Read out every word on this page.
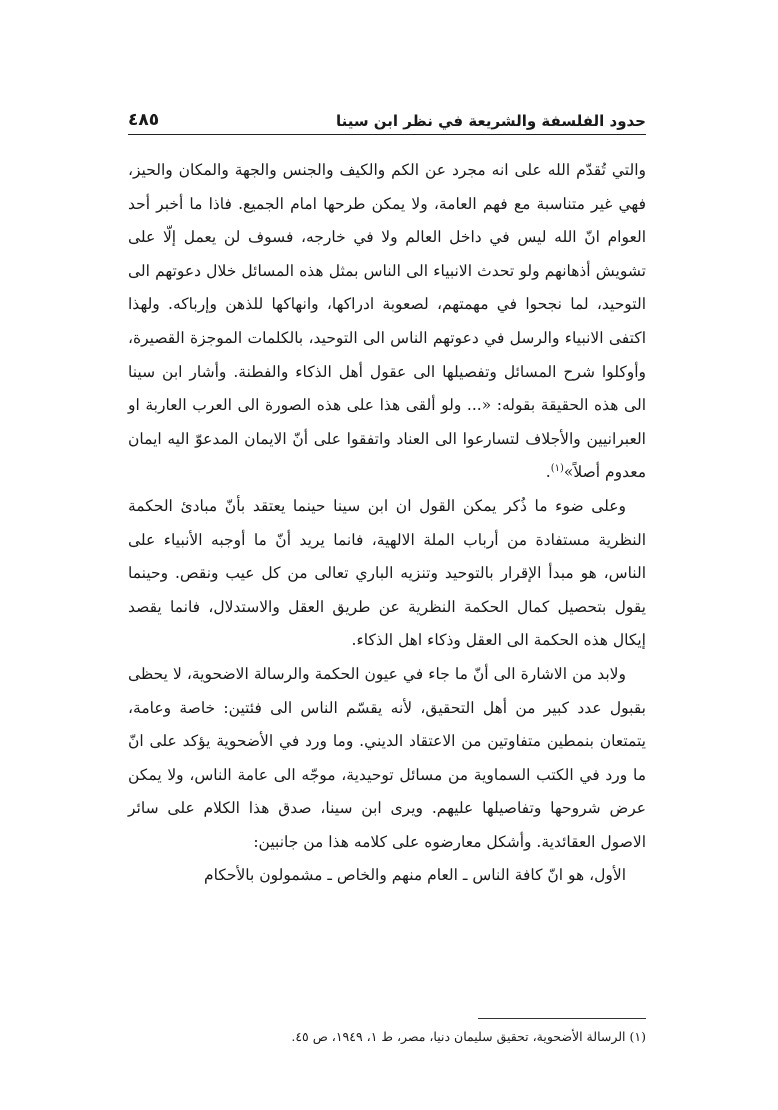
حدود الفلسفة والشريعة في نظر ابن سينا
٤٨٥

والتي تُقدّم الله على انه مجرد عن الكم والكيف والجنس والجهة والمكان والحيز، فهي غير متناسبة مع فهم العامة، ولا يمكن طرحها امام الجميع. فاذا ما أخبر أحد العوام انّ الله ليس في داخل العالم ولا في خارجه، فسوف لن يعمل إلّا على تشويش أذهانهم ولو تحدث الانبياء الى الناس بمثل هذه المسائل خلال دعوتهم الى التوحيد، لما نجحوا في مهمتهم، لصعوبة ادراكها، وانهاكها للذهن وإرباكه. ولهذا اكتفى الانبياء والرسل في دعوتهم الناس الى التوحيد، بالكلمات الموجزة القصيرة، وأوكلوا شرح المسائل وتفصيلها الى عقول أهل الذكاء والفطنة. وأشار ابن سينا الى هذه الحقيقة بقوله: «... ولو ألقى هذا على هذه الصورة الى العرب العاربة او العبرانيين والأجلاف لتسارعوا الى العناد واتفقوا على أنّ الايمان المدعوّ اليه ايمان معدوم أصلاً»$^{(١)}$.

وعلى ضوء ما ذُكر يمكن القول ان ابن سينا حينما يعتقد بأنّ مبادئ الحكمة النظرية مستفادة من أرباب الملة الالهية، فانما يريد أنّ ما أوجبه الأنبياء على الناس، هو مبدأ الإقرار بالتوحيد وتنزيه الباري تعالى من كل عيب ونقص. وحينما يقول بتحصيل كمال الحكمة النظرية عن طريق العقل والاستدلال، فانما يقصد إيكال هذه الحكمة الى العقل وذكاء اهل الذكاء.

ولابد من الاشارة الى أنّ ما جاء في عيون الحكمة والرسالة الاضحوية، لا يحظى بقبول عدد كبير من أهل التحقيق، لأنه يقسّم الناس الى فئتين: خاصة وعامة، يتمتعان بنمطين متفاوتين من الاعتقاد الديني. وما ورد في الأضحوية يؤكد على انّ ما ورد في الكتب السماوية من مسائل توحيدية، موجّه الى عامة الناس، ولا يمكن عرض شروحها وتفاصيلها عليهم. ويرى ابن سينا، صدق هذا الكلام على سائر الاصول العقائدية. وأشكل معارضوه على كلامه هذا من جانبين:

الأول، هو انّ كافة الناس ـ العام منهم والخاص ـ مشمولون بالأحكام

(١) الرسالة الأضحوية، تحقيق سليمان دنيا، مصر، ط ١، ١٩٤٩، ص ٤٥.
